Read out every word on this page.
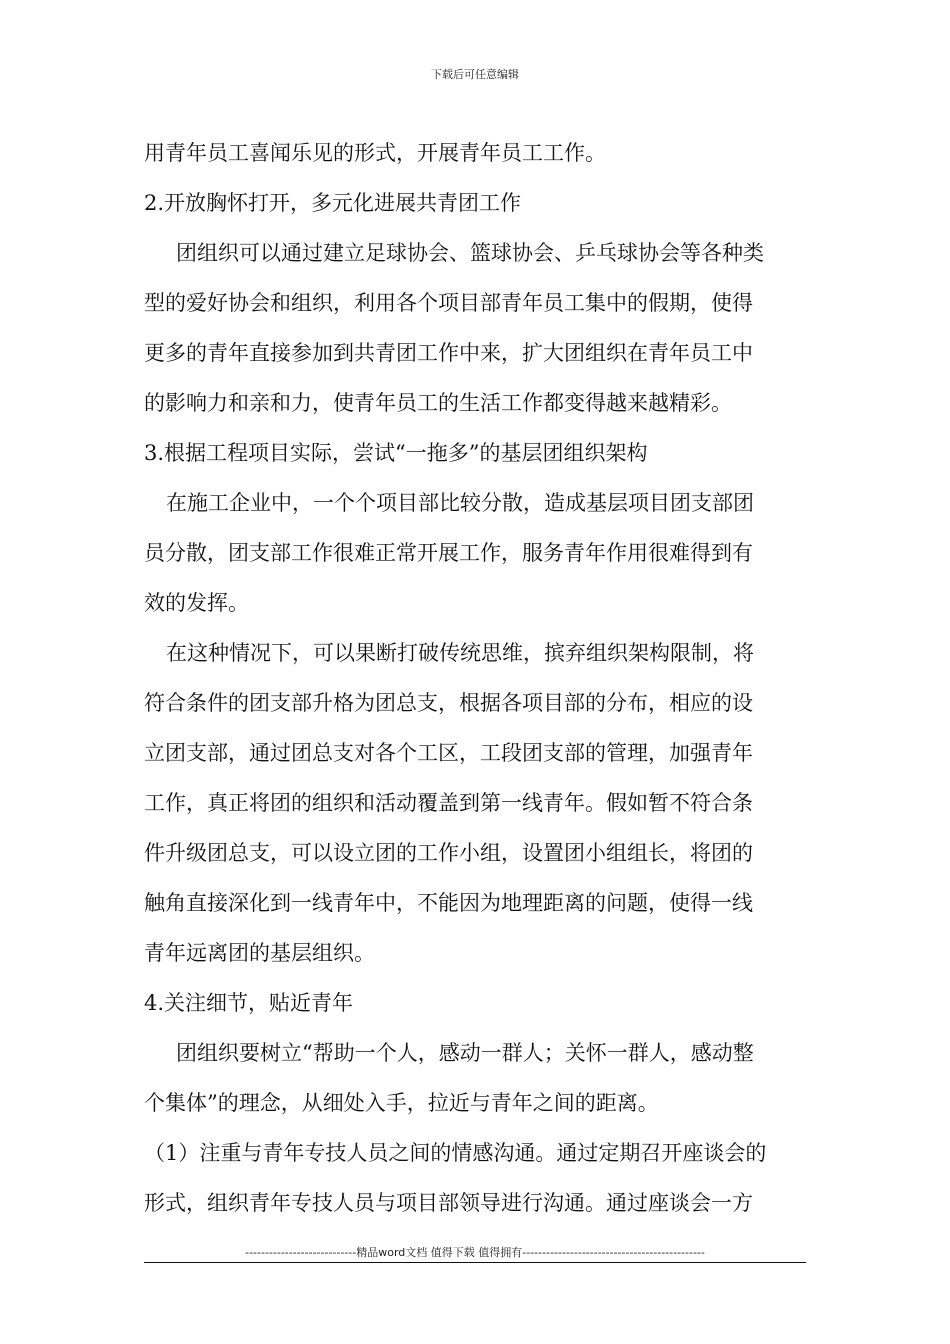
下载后可任意编辑
用青年员工喜闻乐见的形式，开展青年员工工作。
2.开放胸怀打开，多元化进展共青团工作
团组织可以通过建立足球协会、篮球协会、乒乓球协会等各种类
型的爱好协会和组织，利用各个项目部青年员工集中的假期，使得
更多的青年直接参加到共青团工作中来，扩大团组织在青年员工中
的影响力和亲和力，使青年员工的生活工作都变得越来越精彩。
3.根据工程项目实际，尝试“一拖多”的基层团组织架构
在施工企业中，一个个项目部比较分散，造成基层项目团支部团
员分散，团支部工作很难正常开展工作，服务青年作用很难得到有
效的发挥。
在这种情况下，可以果断打破传统思维，摈弃组织架构限制，将
符合条件的团支部升格为团总支，根据各项目部的分布，相应的设
立团支部，通过团总支对各个工区，工段团支部的管理，加强青年
工作，真正将团的组织和活动覆盖到第一线青年。假如暂不符合条
件升级团总支，可以设立团的工作小组，设置团小组组长，将团的
触角直接深化到一线青年中，不能因为地理距离的问题，使得一线
青年远离团的基层组织。
4.关注细节，贴近青年
团组织要树立“帮助一个人，感动一群人；关怀一群人，感动整
个集体”的理念，从细处入手，拉近与青年之间的距离。
（1）注重与青年专技人员之间的情感沟通。通过定期召开座谈会的
形式，组织青年专技人员与项目部领导进行沟通。通过座谈会一方
----------------------------精品word文档 值得下载 值得拥有----------------------------------------------
